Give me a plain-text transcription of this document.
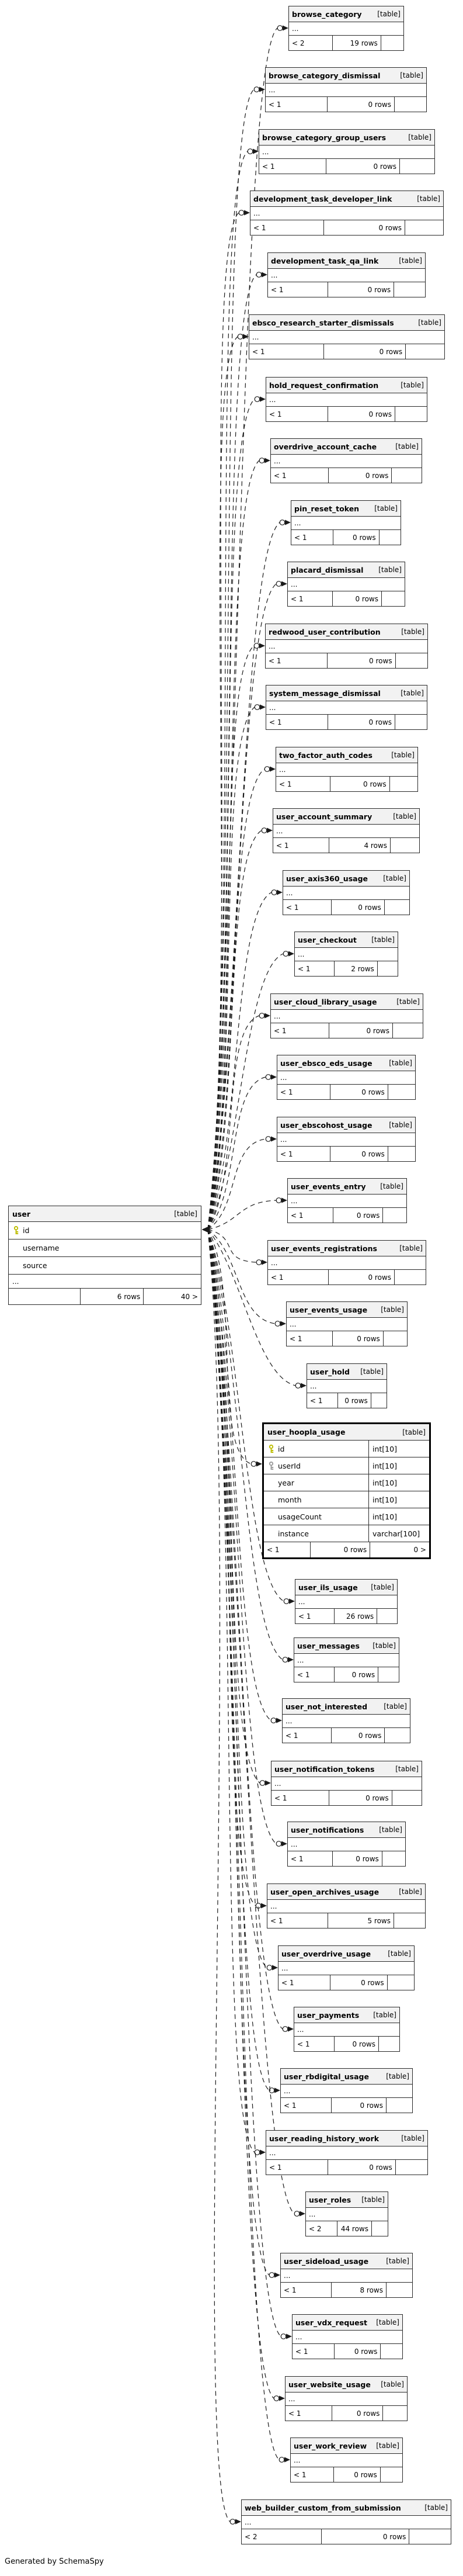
user	[table]
id
username
source
...
6 rows	40 >
user_hoopla_usage	[table]
id	int[10]
userId	int[10]
year	int[10]
month	int[10]
usageCount	int[10]
instance	varchar[100]
< 1	0 rows	0 >
browse_category [table]
...
< 2	19 rows
browse_category_dismissal	[table]
...
< 1	0 rows
browse_category_group_users	[table]
...
< 1	0 rows
development_task_developer_link	[table]
...
< 1	0 rows
development_task_qa_link	[table]
...
< 1	0 rows
ebsco_research_starter_dismissals	[table]
...
< 1	0 rows
hold_request_confirmation	[table]
...
< 1	0 rows
overdrive_account_cache	[table]
...
< 1	0 rows
pin_reset_token [table]
...
< 1	0 rows
placard_dismissal [table]
...
< 1	0 rows
redwood_user_contribution	[table]
...
< 1	0 rows
system_message_dismissal	[table]
...
< 1	0 rows
two_factor_auth_codes	[table]
...
< 1	0 rows
user_account_summary	[table]
...
< 1	4 rows
user_axis360_usage [table]
...
< 1	0 rows
user_checkout [table]
...
< 1	2 rows
user_cloud_library_usage	[table]
...
< 1	0 rows
user_ebsco_eds_usage [table]
...
< 1	0 rows
user_ebscohost_usage [table]
...
< 1	0 rows
user_events_entry [table]
...
< 1	0 rows
user_events_registrations	[table]
...
< 1	0 rows
user_events_usage [table]
...
< 1	0 rows
user_hold [table]
...
< 1	0 rows
user_ils_usage [table]
...
< 1	26 rows
user_messages [table]
...
< 1	0 rows
user_not_interested [table]
...
< 1	0 rows
user_notification_tokens	[table]
...
< 1	0 rows
user_notifications [table]
...
< 1	0 rows
user_open_archives_usage	[table]
...
< 1	5 rows
user_overdrive_usage [table]
...
< 1	0 rows
user_payments [table]
...
< 1	0 rows
user_rbdigital_usage [table]
...
< 1	0 rows
user_reading_history_work	[table]
...
< 1	0 rows
user_roles [table]
...
< 2	44 rows
user_sideload_usage	[table]
...
< 1	8 rows
user_vdx_request [table]
...
< 1	0 rows
user_website_usage [table]
...
< 1	0 rows
user_work_review [table]
...
< 1	0 rows
web_builder_custom_from_submission	[table]
...
< 2	0 rows
Generated by SchemaSpy
